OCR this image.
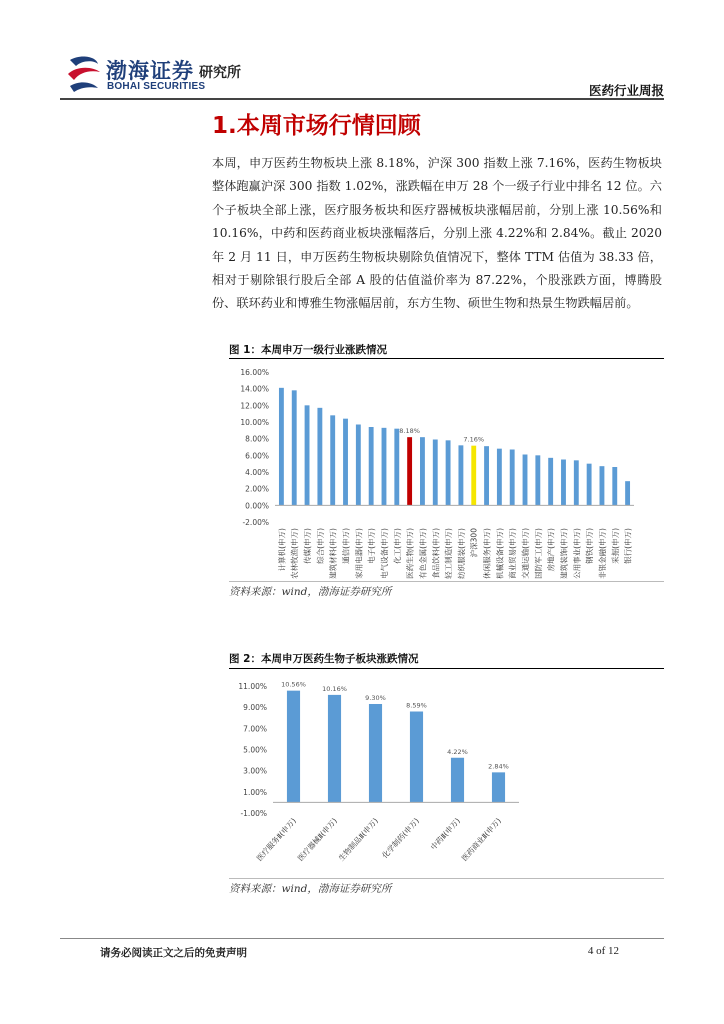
渤海证券
BOHAI SECURITIES
研究所
医药行业周报
1.本周市场行情回顾
本周，申万医药生物板块上涨 8.18%，沪深 300 指数上涨 7.16%，医药生物板块整体跑赢沪深 300 指数 1.02%，涨跌幅在申万 28 个一级子行业中排名 12 位。六个子板块全部上涨，医疗服务板块和医疗器械板块涨幅居前，分别上涨 10.56%和 10.16%，中药和医药商业板块涨幅落后，分别上涨 4.22%和 2.84%。截止 2020 年 2 月 11 日，申万医药生物板块剔除负值情况下，整体 TTM 估值为 38.33 倍，相对于剔除银行股后全部 A 股的估值溢价率为 87.22%，个股涨跌方面，博腾股份、联环药业和博雅生物涨幅居前，东方生物、硕世生物和热景生物跌幅居前。
图 1：本周申万一级行业涨跌情况
16.00%
14.00%
12.00%
10.00%
8.00%
6.00%
4.00%
2.00%
0.00%
-2.00%
计算机(申万) 农林牧渔(申万) 传媒(申万) 综合(申万) 建筑材料(申万) 通信(申万) 家用电器(申万) 电子(申万) 电气设备(申万) 化工(申万)
8.18%
医药生物(申万) 有色金属(申万) 食品饮料(申万) 轻工制造(申万) 纺织服装(申万)
7.16%
沪深300 休闲服务(申万) 机械设备(申万) 商业贸易(申万) 交通运输(申万) 国防军工(申万) 房地产(申万) 建筑装饰(申万) 公用事业(申万) 钢铁(申万) 非银金融(申万) 采掘(申万) 银行(申万)
资料来源：wind，渤海证券研究所
图 2：本周申万医药生物子板块涨跌情况
11.00%
9.00%
7.00%
5.00%
3.00%
1.00%
-1.00%
10.56%
医疗服务Ⅱ(申万)
10.16%
医疗器械Ⅱ(申万)
9.30%
生物制品Ⅱ(申万)
8.59%
化学制药(申万)
4.22%
中药Ⅱ(申万)
2.84%
医药商业Ⅱ(申万)
资料来源：wind，渤海证券研究所
请务必阅读正文之后的免责声明	4 of 12
